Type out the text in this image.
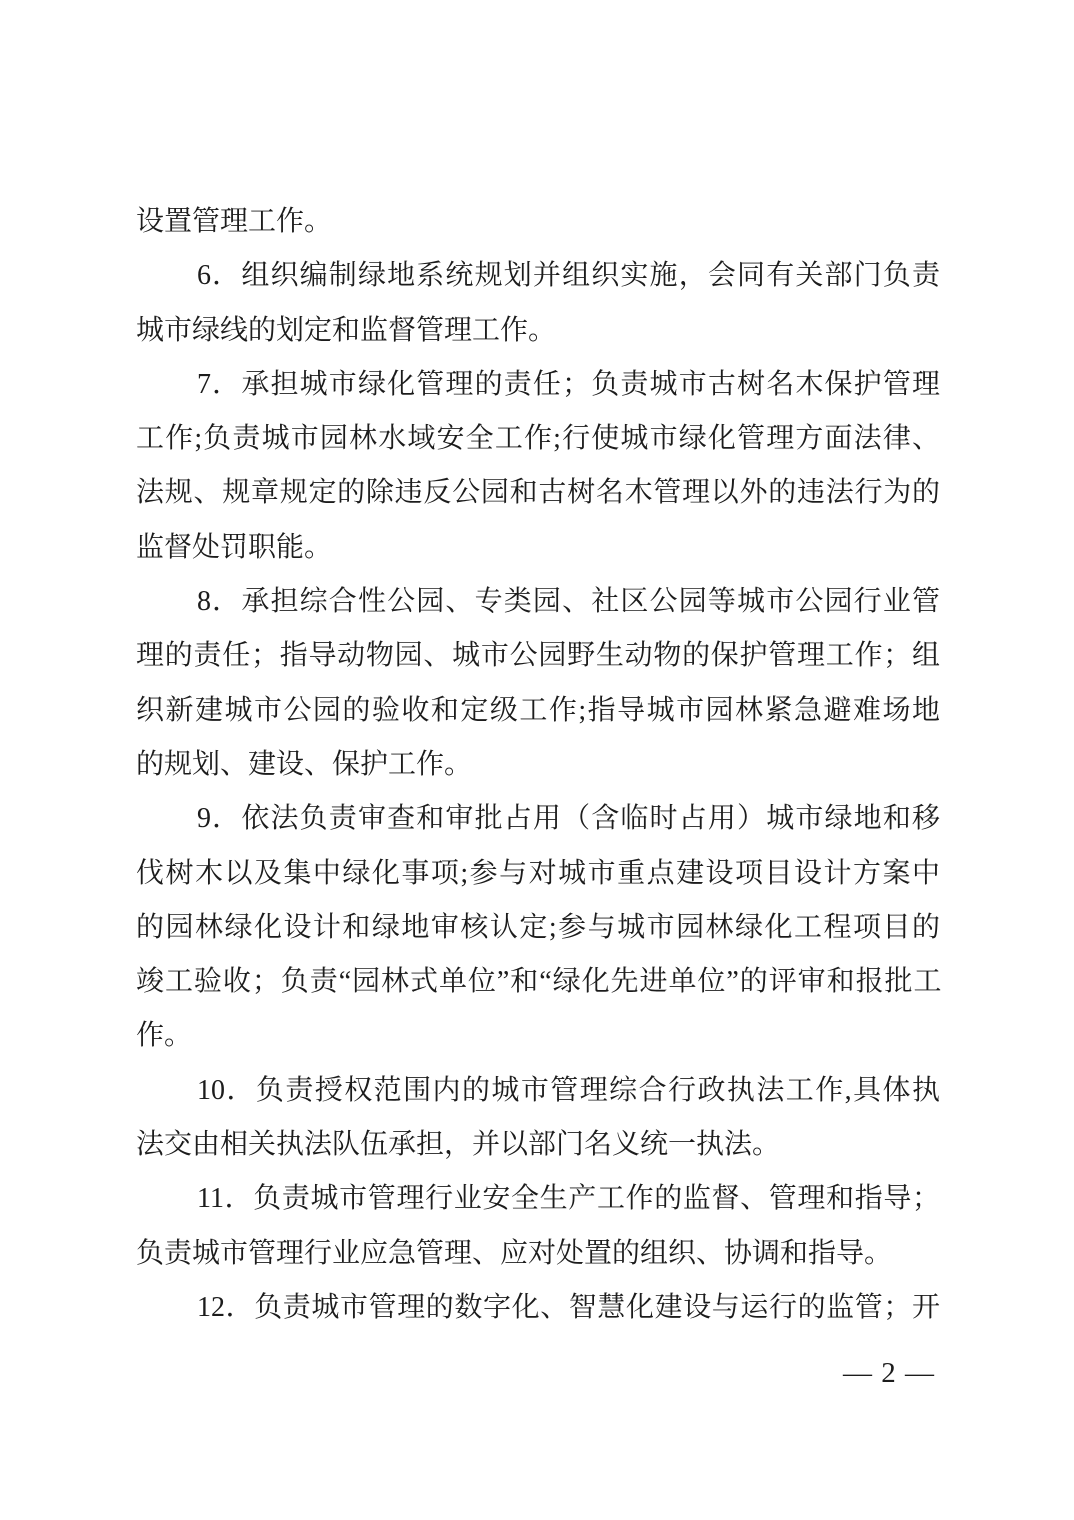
设置管理工作。
6．组织编制绿地系统规划并组织实施，会同有关部门负责
城市绿线的划定和监督管理工作。
7．承担城市绿化管理的责任；负责城市古树名木保护管理
工作;负责城市园林水域安全工作;行使城市绿化管理方面法律、
法规、规章规定的除违反公园和古树名木管理以外的违法行为的
监督处罚职能。
8．承担综合性公园、专类园、社区公园等城市公园行业管
理的责任；指导动物园、城市公园野生动物的保护管理工作；组
织新建城市公园的验收和定级工作;指导城市园林紧急避难场地
的规划、建设、保护工作。
9．依法负责审查和审批占用（含临时占用）城市绿地和移
伐树木以及集中绿化事项;参与对城市重点建设项目设计方案中
的园林绿化设计和绿地审核认定;参与城市园林绿化工程项目的
竣工验收；负责“园林式单位”和“绿化先进单位”的评审和报批工
作。
10．负责授权范围内的城市管理综合行政执法工作,具体执
法交由相关执法队伍承担，并以部门名义统一执法。
11．负责城市管理行业安全生产工作的监督、管理和指导；
负责城市管理行业应急管理、应对处置的组织、协调和指导。
12．负责城市管理的数字化、智慧化建设与运行的监管；开
— 2 —
